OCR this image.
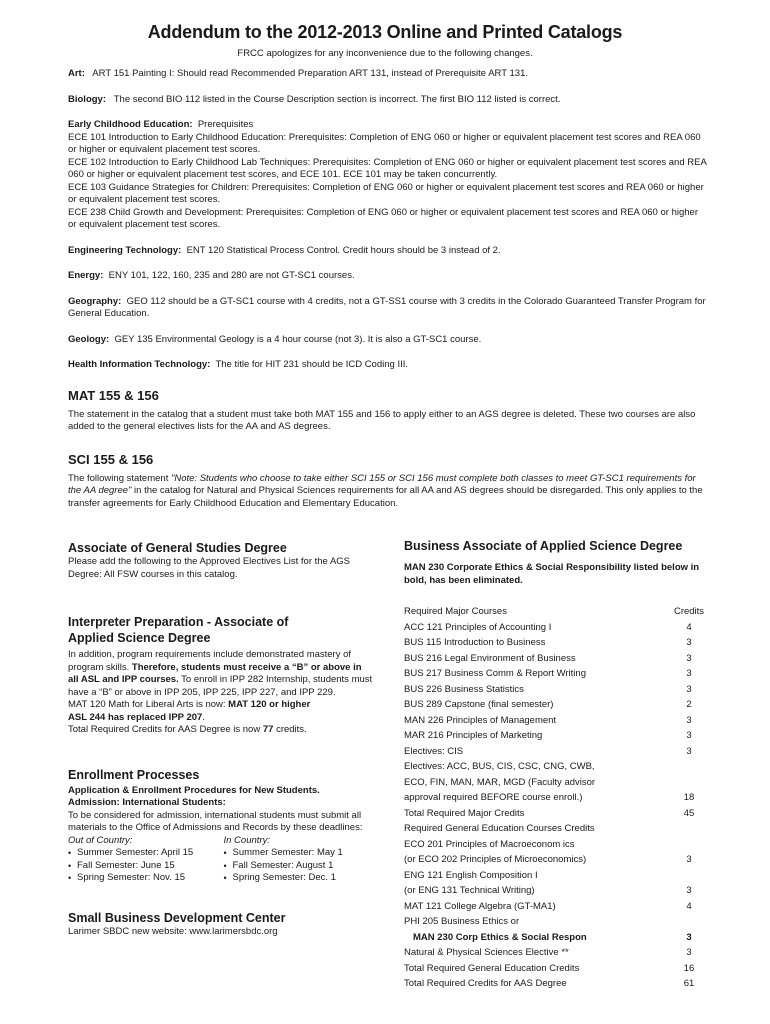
Addendum to the 2012-2013 Online and Printed Catalogs

FRCC apologizes for any inconvenience due to the following changes.

Art: ART 151 Painting I: Should read Recommended Preparation ART 131, instead of Prerequisite ART 131.

Biology: The second BIO 112 listed in the Course Description section is incorrect. The first BIO 112 listed is correct.

Early Childhood Education: Prerequisites
ECE 101 Introduction to Early Childhood Education: Prerequisites: Completion of ENG 060 or higher or equivalent placement test scores and REA 060 or higher or equivalent placement test scores.
ECE 102 Introduction to Early Childhood Lab Techniques: Prerequisites: Completion of ENG 060 or higher or equivalent placement test scores and REA 060 or higher or equivalent placement test scores, and ECE 101. ECE 101 may be taken concurrently.
ECE 103 Guidance Strategies for Children: Prerequisites: Completion of ENG 060 or higher or equivalent placement test scores and REA 060 or higher or equivalent placement test scores.
ECE 238 Child Growth and Development: Prerequisites: Completion of ENG 060 or higher or equivalent placement test scores and REA 060 or higher or equivalent placement test scores.

Engineering Technology: ENT 120 Statistical Process Control. Credit hours should be 3 instead of 2.

Energy: ENY 101, 122, 160, 235 and 280 are not GT-SC1 courses.

Geography: GEO 112 should be a GT-SC1 course with 4 credits, not a GT-SS1 course with 3 credits in the Colorado Guaranteed Transfer Program for General Education.

Geology: GEY 135 Environmental Geology is a 4 hour course (not 3). It is also a GT-SC1 course.

Health Information Technology: The title for HIT 231 should be ICD Coding III.

MAT 155 & 156

The statement in the catalog that a student must take both MAT 155 and 156 to apply either to an AGS degree is deleted. These two courses are also added to the general electives lists for the AA and AS degrees.

SCI 155 & 156

The following statement "Note: Students who choose to take either SCI 155 or SCI 156 must complete both classes to meet GT-SC1 requirements for the AA degree" in the catalog for Natural and Physical Sciences requirements for all AA and AS degrees should be disregarded. This only applies to the transfer agreements for Early Childhood Education and Elementary Education.

Associate of General Studies Degree

Please add the following to the Approved Electives List for the AGS Degree: All FSW courses in this catalog.

Interpreter Preparation - Associate of
Applied Science Degree

In addition, program requirements include demonstrated mastery of program skills. Therefore, students must receive a “B” or above in all ASL and IPP courses. To enroll in IPP 282 Internship, students must have a “B” or above in IPP 205, IPP 225, IPP 227, and IPP 229.

MAT 120 Math for Liberal Arts is now: MAT 120 or higher

ASL 244 has replaced IPP 207.

Total Required Credits for AAS Degree is now 77 credits.

Enrollment Processes

Application & Enrollment Procedures for New Students.

Admission: International Students:

To be considered for admission, international students must submit all materials to the Office of Admissions and Records by these deadlines:

Out of Country:
• Summer Semester: April 15
• Fall Semester: June 15
• Spring Semester: Nov. 15
In Country:
• Summer Semester: May 1
• Fall Semester: August 1
• Spring Semester: Dec. 1
Small Business Development Center

Larimer SBDC new website: www.larimersbdc.org

Business Associate of Applied Science Degree

MAN 230 Corporate Ethics & Social Responsibility listed below in bold, has been eliminated.

Required Major Courses	Credits
ACC 121 Principles of Accounting I	4
BUS 115 Introduction to Business	3
BUS 216 Legal Environment of Business	3
BUS 217 Business Comm & Report Writing	3
BUS 226 Business Statistics	3
BUS 289 Capstone (final semester)	2
MAN 226 Principles of Management	3
MAR 216 Principles of Marketing	3
Electives: CIS	3
Electives: ACC, BUS, CIS, CSC, CNG, CWB,
ECO, FIN, MAN, MAR, MGD (Faculty advisor
approval required BEFORE course enroll.)	18
Total Required Major Credits	45
Required General Education Courses Credits
ECO 201 Principles of Macroeconom ics
(or ECO 202 Principles of Microeconomics)	3
ENG 121 English Composition I
(or ENG 131 Technical Writing)	3
MAT 121 College Algebra (GT-MA1)	4
PHI 205 Business Ethics or
MAN 230 Corp Ethics & Social Respon	3
Natural & Physical Sciences Elective **	3
Total Required General Education Credits	16
Total Required Credits for AAS Degree	61
